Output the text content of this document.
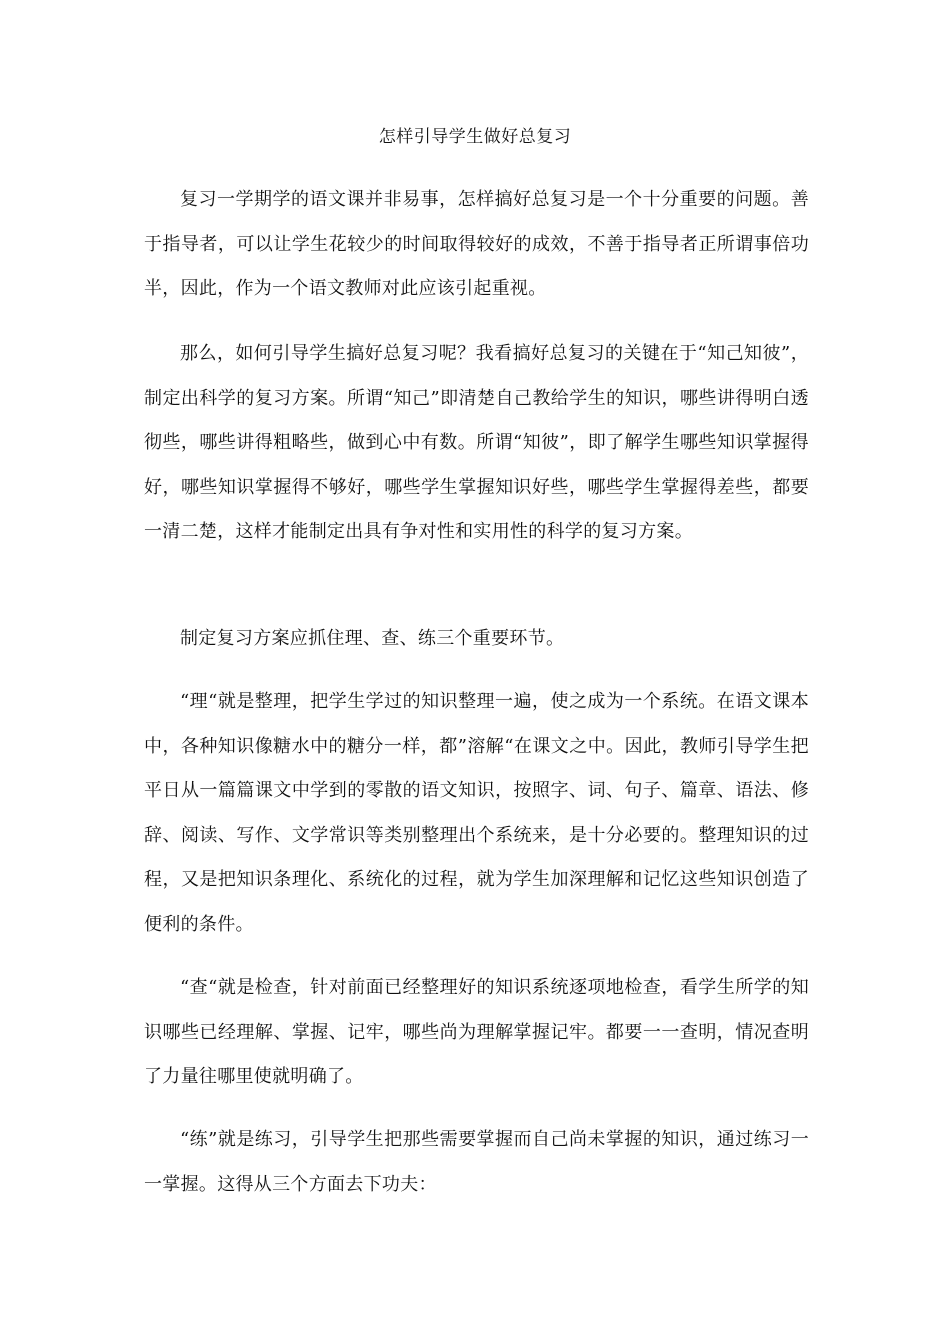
怎样引导学生做好总复习

复习一学期学的语文课并非易事，怎样搞好总复习是一个十分重要的问题。善于指导者，可以让学生花较少的时间取得较好的成效，不善于指导者正所谓事倍功半，因此，作为一个语文教师对此应该引起重视。

那么，如何引导学生搞好总复习呢？我看搞好总复习的关键在于“知己知彼”，制定出科学的复习方案。所谓“知己”即清楚自己教给学生的知识，哪些讲得明白透彻些，哪些讲得粗略些，做到心中有数。所谓“知彼”，即了解学生哪些知识掌握得好，哪些知识掌握得不够好，哪些学生掌握知识好些，哪些学生掌握得差些，都要一清二楚，这样才能制定出具有争对性和实用性的科学的复习方案。

制定复习方案应抓住理、查、练三个重要环节。

“理“就是整理，把学生学过的知识整理一遍，使之成为一个系统。在语文课本中，各种知识像糖水中的糖分一样，都”溶解“在课文之中。因此，教师引导学生把平日从一篇篇课文中学到的零散的语文知识，按照字、词、句子、篇章、语法、修辞、阅读、写作、文学常识等类别整理出个系统来，是十分必要的。整理知识的过程，又是把知识条理化、系统化的过程，就为学生加深理解和记忆这些知识创造了便利的条件。

“查“就是检查，针对前面已经整理好的知识系统逐项地检查，看学生所学的知识哪些已经理解、掌握、记牢，哪些尚为理解掌握记牢。都要一一查明，情况查明了力量往哪里使就明确了。

“练”就是练习，引导学生把那些需要掌握而自己尚未掌握的知识，通过练习一一掌握。这得从三个方面去下功夫：
